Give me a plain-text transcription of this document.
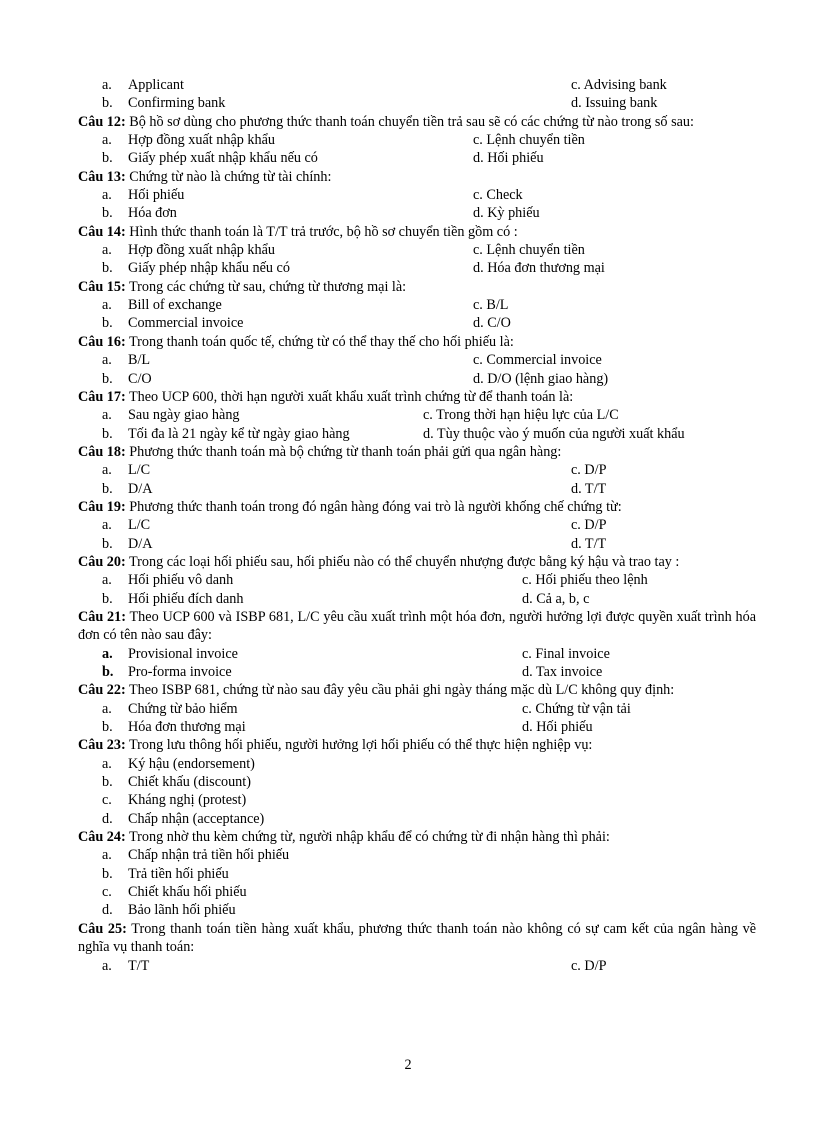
a. Applicant	c. Advising bank
b. Confirming bank	d. Issuing bank
Câu 12: Bộ hồ sơ dùng cho phương thức thanh toán chuyển tiền trả sau sẽ có các chứng từ nào trong số sau:
a. Hợp đồng xuất nhập khẩu	c. Lệnh chuyển tiền
b. Giấy phép xuất nhập khẩu nếu có	d. Hối phiếu
Câu 13: Chứng từ nào là chứng từ tài chính:
a. Hối phiếu	c. Check
b. Hóa đơn	d. Kỳ phiếu
Câu 14: Hình thức thanh toán là T/T trả trước, bộ hồ sơ chuyển tiền gồm có :
a. Hợp đồng xuất nhập khẩu	c. Lệnh chuyển tiền
b. Giấy phép nhập khẩu nếu có	d. Hóa đơn thương mại
Câu 15: Trong các chứng từ sau, chứng từ thương mại là:
a. Bill of exchange	c. B/L
b. Commercial invoice	d. C/O
Câu 16: Trong thanh toán quốc tế, chứng từ có thể thay thế cho hối phiếu là:
a. B/L	c. Commercial invoice
b. C/O	d. D/O (lệnh giao hàng)
Câu 17: Theo UCP 600, thời hạn người xuất khẩu xuất trình chứng từ để thanh toán là:
a. Sau ngày giao hàng	c. Trong thời hạn hiệu lực của L/C
b. Tối đa là 21 ngày kể từ ngày giao hàng	d. Tùy thuộc vào ý muốn của người xuất khẩu
Câu 18: Phương thức thanh toán mà bộ chứng từ thanh toán phải gửi qua ngân hàng:
a. L/C	c. D/P
b. D/A	d. T/T
Câu 19: Phương thức thanh toán trong đó ngân hàng đóng vai trò là người khống chế chứng từ:
a. L/C	c. D/P
b. D/A	d. T/T
Câu 20: Trong các loại hối phiếu sau, hối phiếu nào có thể chuyển nhượng được bằng ký hậu và trao tay :
a. Hối phiếu vô danh	c. Hối phiếu theo lệnh
b. Hối phiếu đích danh	d. Cả a, b, c
Câu 21: Theo UCP 600 và ISBP 681, L/C yêu cầu xuất trình một hóa đơn, người hưởng lợi được quyền xuất trình hóa đơn có tên nào sau đây:
a. Provisional invoice	c. Final invoice
b. Pro-forma invoice	d. Tax invoice
Câu 22: Theo ISBP 681, chứng từ nào sau đây yêu cầu phải ghi ngày tháng mặc dù L/C không quy định:
a. Chứng từ bảo hiểm	c. Chứng từ vận tải
b. Hóa đơn thương mại	d. Hối phiếu
Câu 23: Trong lưu thông hối phiếu, người hưởng lợi hối phiếu có thể thực hiện nghiệp vụ:
a. Ký hậu (endorsement)
b. Chiết khấu (discount)
c. Kháng nghị (protest)
d. Chấp nhận (acceptance)
Câu 24: Trong nhờ thu kèm chứng từ, người nhập khẩu để có chứng từ đi nhận hàng thì phải:
a. Chấp nhận trả tiền hối phiếu
b. Trả tiền hối phiếu
c. Chiết khấu hối phiếu
d. Bảo lãnh hối phiếu
Câu 25: Trong thanh toán tiền hàng xuất khẩu, phương thức thanh toán nào không có sự cam kết của ngân hàng về nghĩa vụ thanh toán:
a. T/T	c. D/P
2
